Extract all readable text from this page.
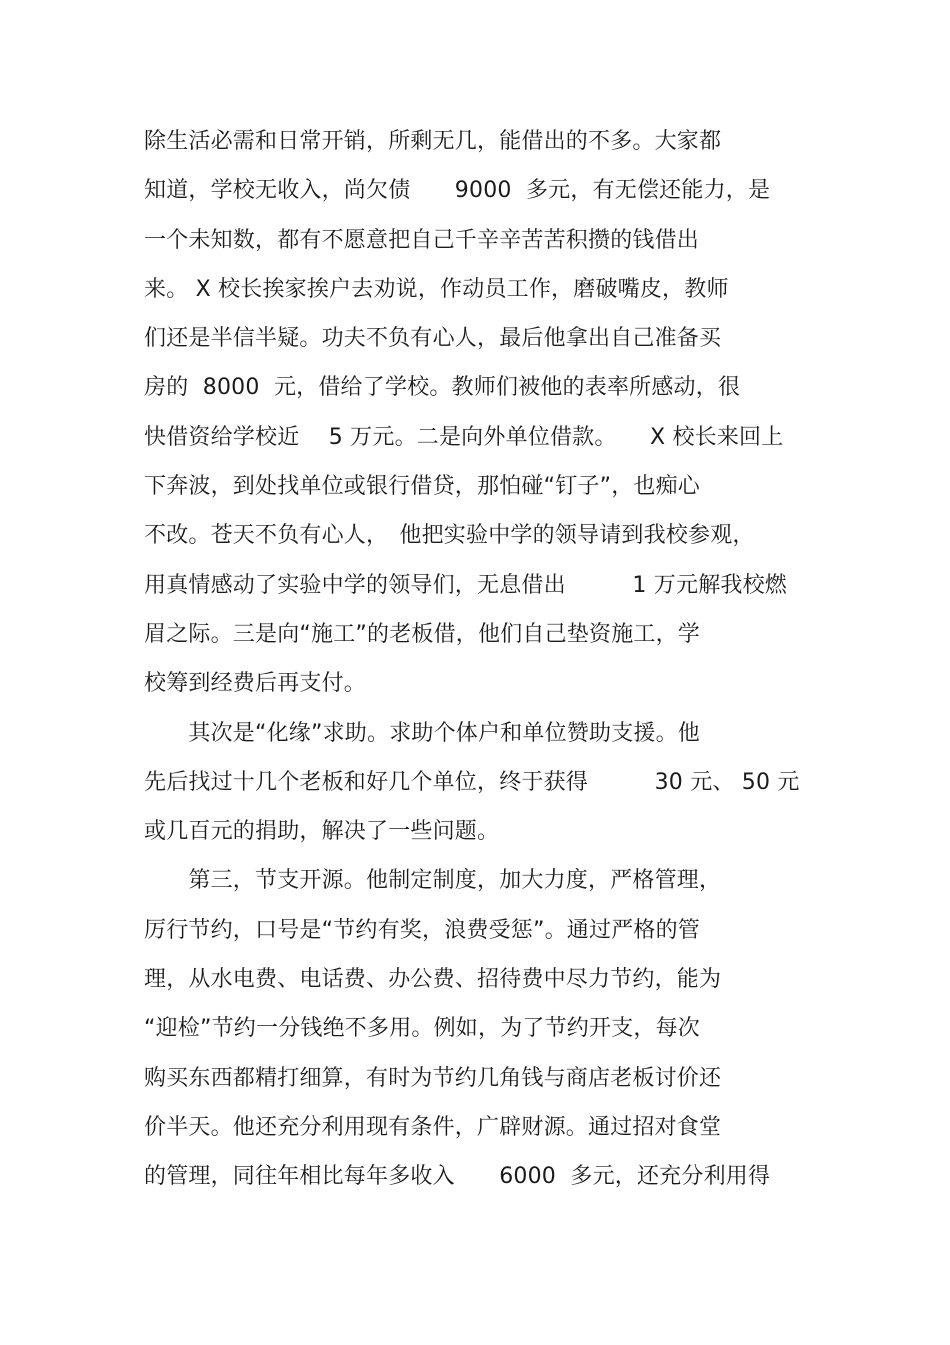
除生活必需和日常开销，所剩无几，能借出的不多。大家都
知道，学校无收入，尚欠债　　9000  多元，有无偿还能力，是
一个未知数，都有不愿意把自己千辛辛苦苦积攒的钱借出
来。 X 校长挨家挨户去劝说，作动员工作，磨破嘴皮，教师
们还是半信半疑。功夫不负有心人，最后他拿出自己准备买
房的  8000  元，借给了学校。教师们被他的表率所感动，很
快借资给学校近　 5 万元。二是向外单位借款。　　X 校长来回上
下奔波，到处找单位或银行借贷，那怕碰“钉子”，也痴心
不改。苍天不负有心人，　他把实验中学的领导请到我校参观，
用真情感动了实验中学的领导们，无息借出　　　1 万元解我校燃
眉之际。三是向“施工”的老板借，他们自己垫资施工，学
校筹到经费后再支付。
　　其次是“化缘”求助。求助个体户和单位赞助支援。他
先后找过十几个老板和好几个单位，终于获得　　　30 元、 50 元
或几百元的捐助，解决了一些问题。
　　第三，节支开源。他制定制度，加大力度，严格管理，
厉行节约，口号是“节约有奖，浪费受惩”。通过严格的管
理，从水电费、电话费、办公费、招待费中尽力节约，能为
“迎检”节约一分钱绝不多用。例如，为了节约开支，每次
购买东西都精打细算，有时为节约几角钱与商店老板讨价还
价半天。他还充分利用现有条件，广辟财源。通过招对食堂
的管理，同往年相比每年多收入　　6000  多元，还充分利用得
